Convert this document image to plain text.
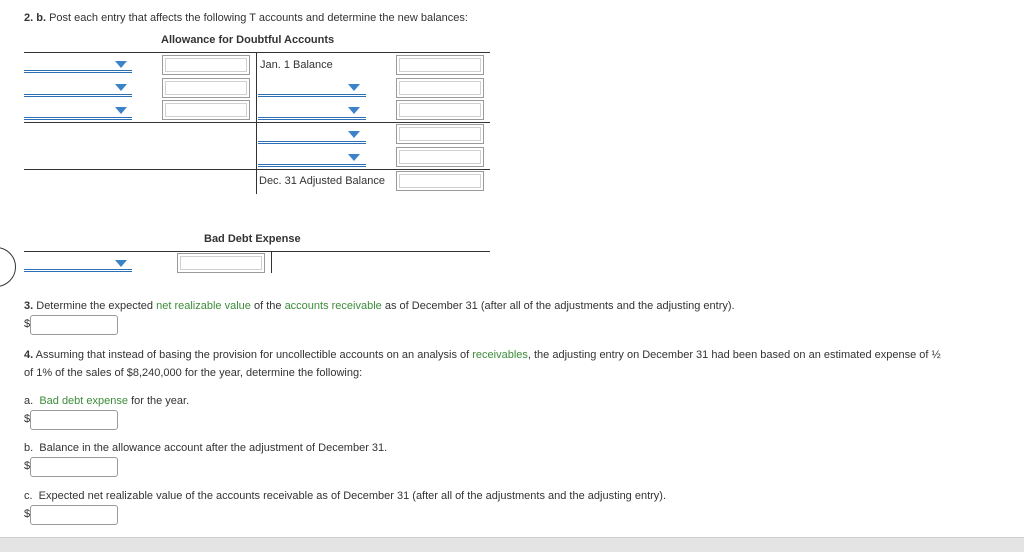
2. b. Post each entry that affects the following T accounts and determine the new balances:
Allowance for Doubtful Accounts
Jan. 1 Balance
Dec. 31 Adjusted Balance
Bad Debt Expense
3. Determine the expected net realizable value of the accounts receivable as of December 31 (after all of the adjustments and the adjusting entry).
$
4. Assuming that instead of basing the provision for uncollectible accounts on an analysis of receivables, the adjusting entry on December 31 had been based on an estimated expense of ½
of 1% of the sales of $8,240,000 for the year, determine the following:
a. Bad debt expense for the year.
$
b.  Balance in the allowance account after the adjustment of December 31.
$
c.  Expected net realizable value of the accounts receivable as of December 31 (after all of the adjustments and the adjusting entry).
$
